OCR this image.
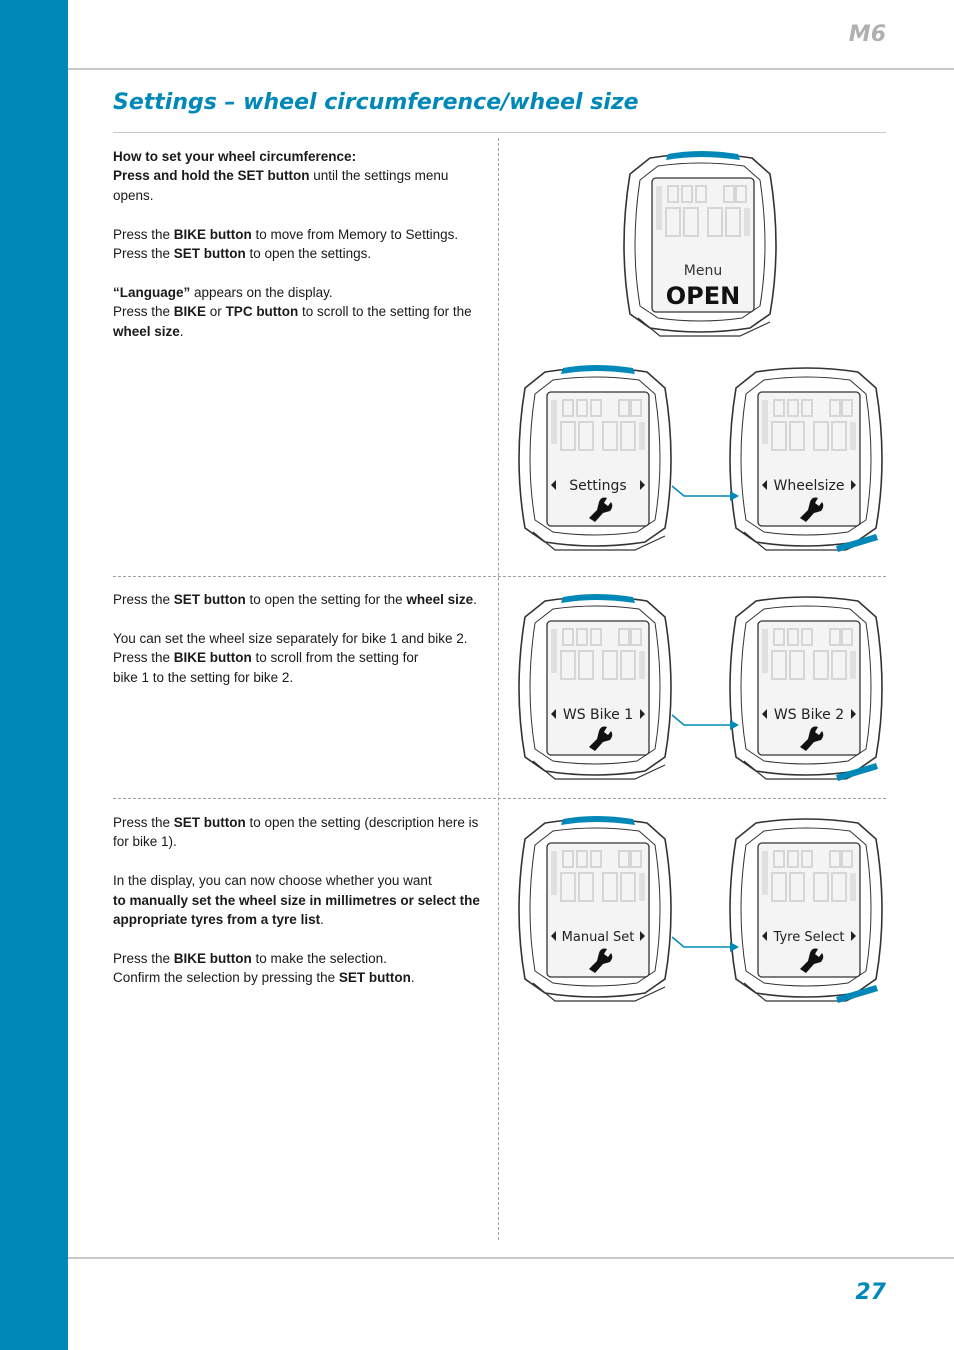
M6
Settings – wheel circumference/wheel size

How to set your wheel circumference:
Press and hold the SET button until the settings menu opens.

Press the BIKE button to move from Memory to Settings.
Press the SET button to open the settings.

“Language” appears on the display.
Press the BIKE or TPC button to scroll to the setting for the wheel size.

Press the SET button to open the setting for the wheel size.

You can set the wheel size separately for bike 1 and bike 2.
Press the BIKE button to scroll from the setting for
bike 1 to the setting for bike 2.

Press the SET button to open the setting (description here is for bike 1).

In the display, you can now choose whether you want
to manually set the wheel size in millimetres or select the appropriate tyres from a tyre list.

Press the BIKE button to make the selection.
Confirm the selection by pressing the SET button.

Menu
OPEN
Settings	Wheelsize
WS Bike 1	WS Bike 2
Manual Set	Tyre Select
27
